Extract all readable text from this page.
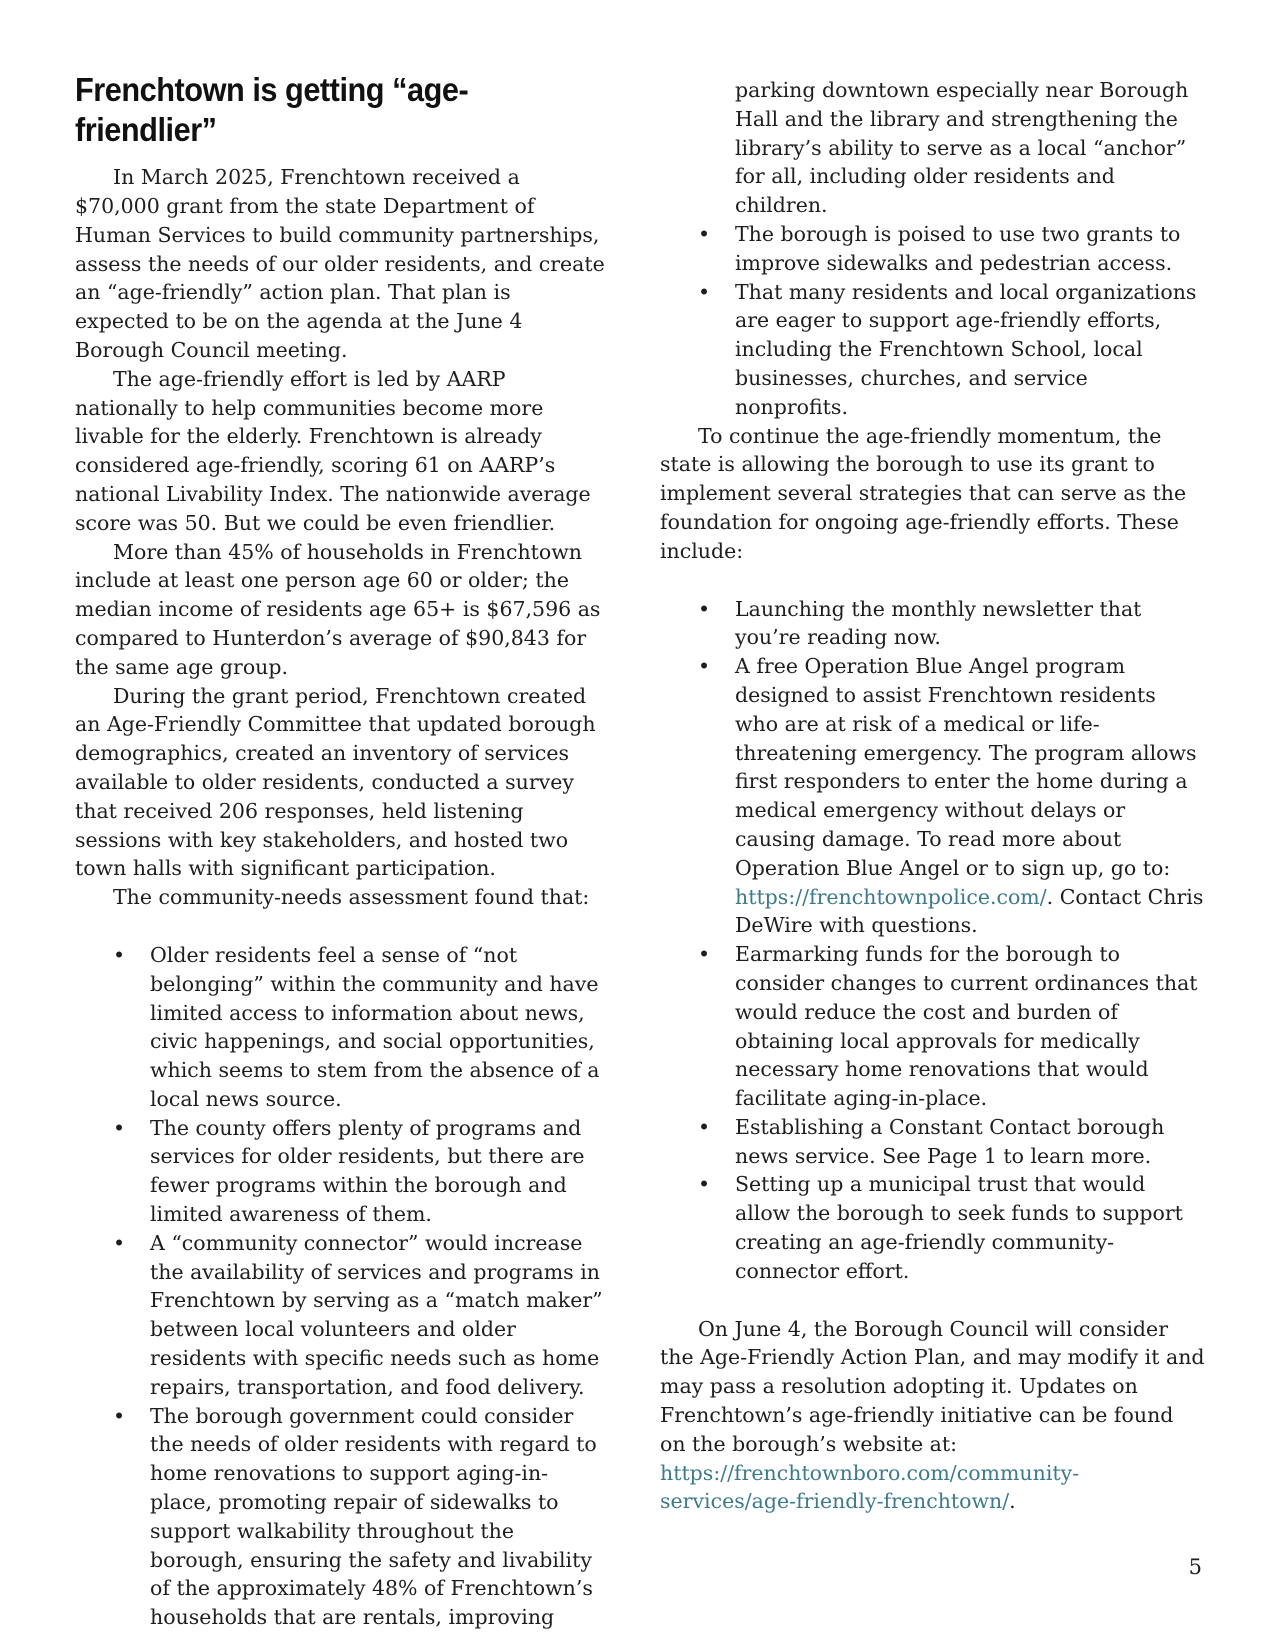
Frenchtown is getting “age-friendlier”

In March 2025, Frenchtown received a $70,000 grant from the state Department of Human Services to build community partnerships, assess the needs of our older residents, and create an “age-friendly” action plan. That plan is expected to be on the agenda at the June 4 Borough Council meeting.

The age-friendly effort is led by AARP nationally to help communities become more livable for the elderly. Frenchtown is already considered age-friendly, scoring 61 on AARP’s national Livability Index. The nationwide average score was 50. But we could be even friendlier.

More than 45% of households in Frenchtown include at least one person age 60 or older; the median income of residents age 65+ is $67,596 as compared to Hunterdon’s average of $90,843 for the same age group.

During the grant period, Frenchtown created an Age-Friendly Committee that updated borough demographics, created an inventory of services available to older residents, conducted a survey that received 206 responses, held listening sessions with key stakeholders, and hosted two town halls with significant participation.

The community-needs assessment found that:

• Older residents feel a sense of “not belonging” within the community and have limited access to information about news, civic happenings, and social opportunities, which seems to stem from the absence of a local news source.
• The county offers plenty of programs and services for older residents, but there are fewer programs within the borough and limited awareness of them.
• A “community connector” would increase the availability of services and programs in Frenchtown by serving as a “match maker” between local volunteers and older residents with specific needs such as home repairs, transportation, and food delivery.
• The borough government could consider the needs of older residents with regard to home renovations to support aging-in-place, promoting repair of sidewalks to support walkability throughout the borough, ensuring the safety and livability of the approximately 48% of Frenchtown’s households that are rentals, improving
parking downtown especially near Borough Hall and the library and strengthening the library’s ability to serve as a local “anchor” for all, including older residents and children.
• The borough is poised to use two grants to improve sidewalks and pedestrian access.
• That many residents and local organizations are eager to support age-friendly efforts, including the Frenchtown School, local businesses, churches, and service nonprofits.

To continue the age-friendly momentum, the state is allowing the borough to use its grant to implement several strategies that can serve as the foundation for ongoing age-friendly efforts. These include:

• Launching the monthly newsletter that you’re reading now.
• A free Operation Blue Angel program designed to assist Frenchtown residents who are at risk of a medical or life-threatening emergency. The program allows first responders to enter the home during a medical emergency without delays or causing damage. To read more about Operation Blue Angel or to sign up, go to: https://frenchtownpolice.com/. Contact Chris DeWire with questions.
• Earmarking funds for the borough to consider changes to current ordinances that would reduce the cost and burden of obtaining local approvals for medically necessary home renovations that would facilitate aging-in-place.
• Establishing a Constant Contact borough news service. See Page 1 to learn more.
• Setting up a municipal trust that would allow the borough to seek funds to support creating an age-friendly community-connector effort.

On June 4, the Borough Council will consider the Age-Friendly Action Plan, and may modify it and may pass a resolution adopting it. Updates on Frenchtown’s age-friendly initiative can be found on the borough’s website at: https://frenchtownboro.com/community-services/age-friendly-frenchtown/.

5
